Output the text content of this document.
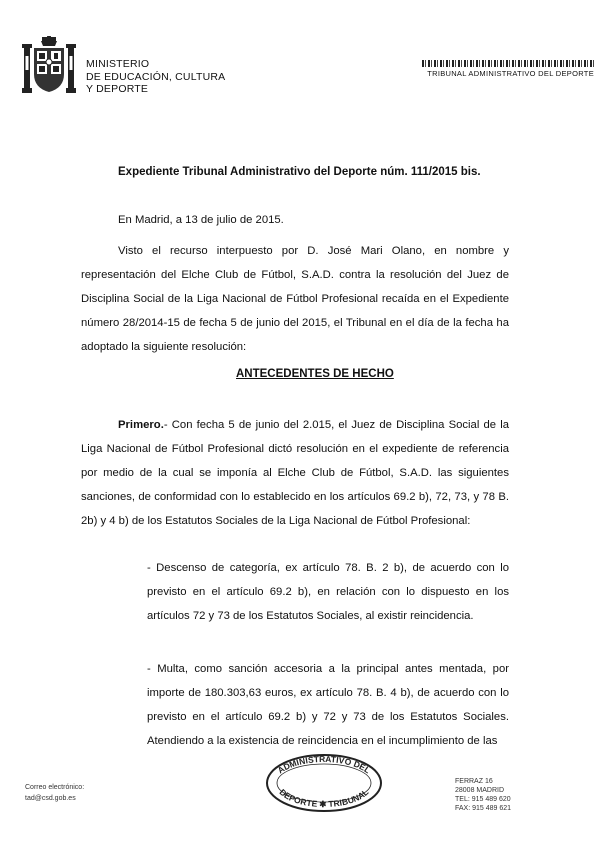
MINISTERIO
DE EDUCACIÓN, CULTURA
Y DEPORTE
TRIBUNAL ADMINISTRATIVO DEL DEPORTE
Expediente Tribunal Administrativo del Deporte núm. 111/2015 bis.
En Madrid, a 13 de julio de 2015.
Visto el recurso interpuesto por D. José Mari Olano, en nombre y representación del Elche Club de Fútbol, S.A.D. contra la resolución del Juez de Disciplina Social de la Liga Nacional de Fútbol Profesional recaída en el Expediente número 28/2014-15 de fecha 5 de junio del 2015, el Tribunal en el día de la fecha ha adoptado la siguiente resolución:
ANTECEDENTES DE HECHO
Primero.- Con fecha 5 de junio del 2.015, el Juez de Disciplina Social de la Liga Nacional de Fútbol Profesional dictó resolución en el expediente de referencia por medio de la cual se imponía al Elche Club de Fútbol, S.A.D. las siguientes sanciones, de conformidad con lo establecido en los artículos 69.2 b), 72, 73, y 78 B. 2b) y 4 b) de los Estatutos Sociales de la Liga Nacional de Fútbol Profesional:
- Descenso de categoría, ex artículo 78. B. 2 b), de acuerdo con lo previsto en el artículo 69.2 b), en relación con lo dispuesto en los artículos 72 y 73 de los Estatutos Sociales, al existir reincidencia.
- Multa, como sanción accesoria a la principal antes mentada, por importe de 180.303,63 euros, ex artículo 78. B. 4 b), de acuerdo con lo previsto en el artículo 69.2 b) y 72 y 73 de los Estatutos Sociales. Atendiendo a la existencia de reincidencia en el incumplimiento de las
Correo electrónico:
tad@csd.gob.es
ADMINISTRATIVO DEL
DEPORTE ✱ TRIBUNAL
FERRAZ 16
28008 MADRID
TEL: 915 489 620
FAX: 915 489 621
